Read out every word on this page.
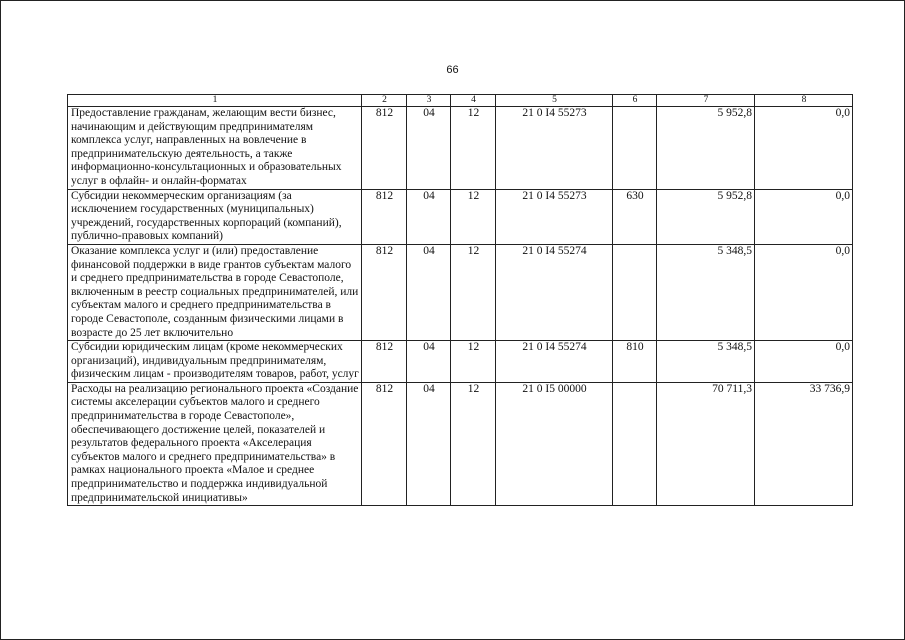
66
1	2	3	4	5	6	7	8
Предоставление гражданам, желающим вести бизнес, начинающим и действующим предпринимателям комплекса услуг, направленных на вовлечение в предпринимательскую деятельность, а также информационно-консультационных и образовательных услуг в офлайн- и онлайн-форматах	812	04	12	21 0 I4 55273		5 952,8	0,0
Субсидии некоммерческим организациям (за исключением государственных (муниципальных) учреждений, государственных корпораций (компаний), публично-правовых компаний)	812	04	12	21 0 I4 55273	630	5 952,8	0,0
Оказание комплекса услуг и (или) предоставление финансовой поддержки в виде грантов субъектам малого и среднего предпринимательства в городе Севастополе, включенным в реестр социальных предпринимателей, или субъектам малого и среднего предпринимательства в городе Севастополе, созданным физическими лицами в возрасте до 25 лет включительно	812	04	12	21 0 I4 55274		5 348,5	0,0
Субсидии юридическим лицам (кроме некоммерческих организаций), индивидуальным предпринимателям, физическим лицам - производителям товаров, работ, услуг	812	04	12	21 0 I4 55274	810	5 348,5	0,0
Расходы на реализацию регионального проекта «Создание системы акселерации субъектов малого и среднего предпринимательства в городе Севастополе», обеспечивающего достижение целей, показателей и результатов федерального проекта «Акселерация субъектов малого и среднего предпринимательства» в рамках национального проекта «Малое и среднее предпринимательство и поддержка индивидуальной предпринимательской инициативы»	812	04	12	21 0 I5 00000		70 711,3	33 736,9
